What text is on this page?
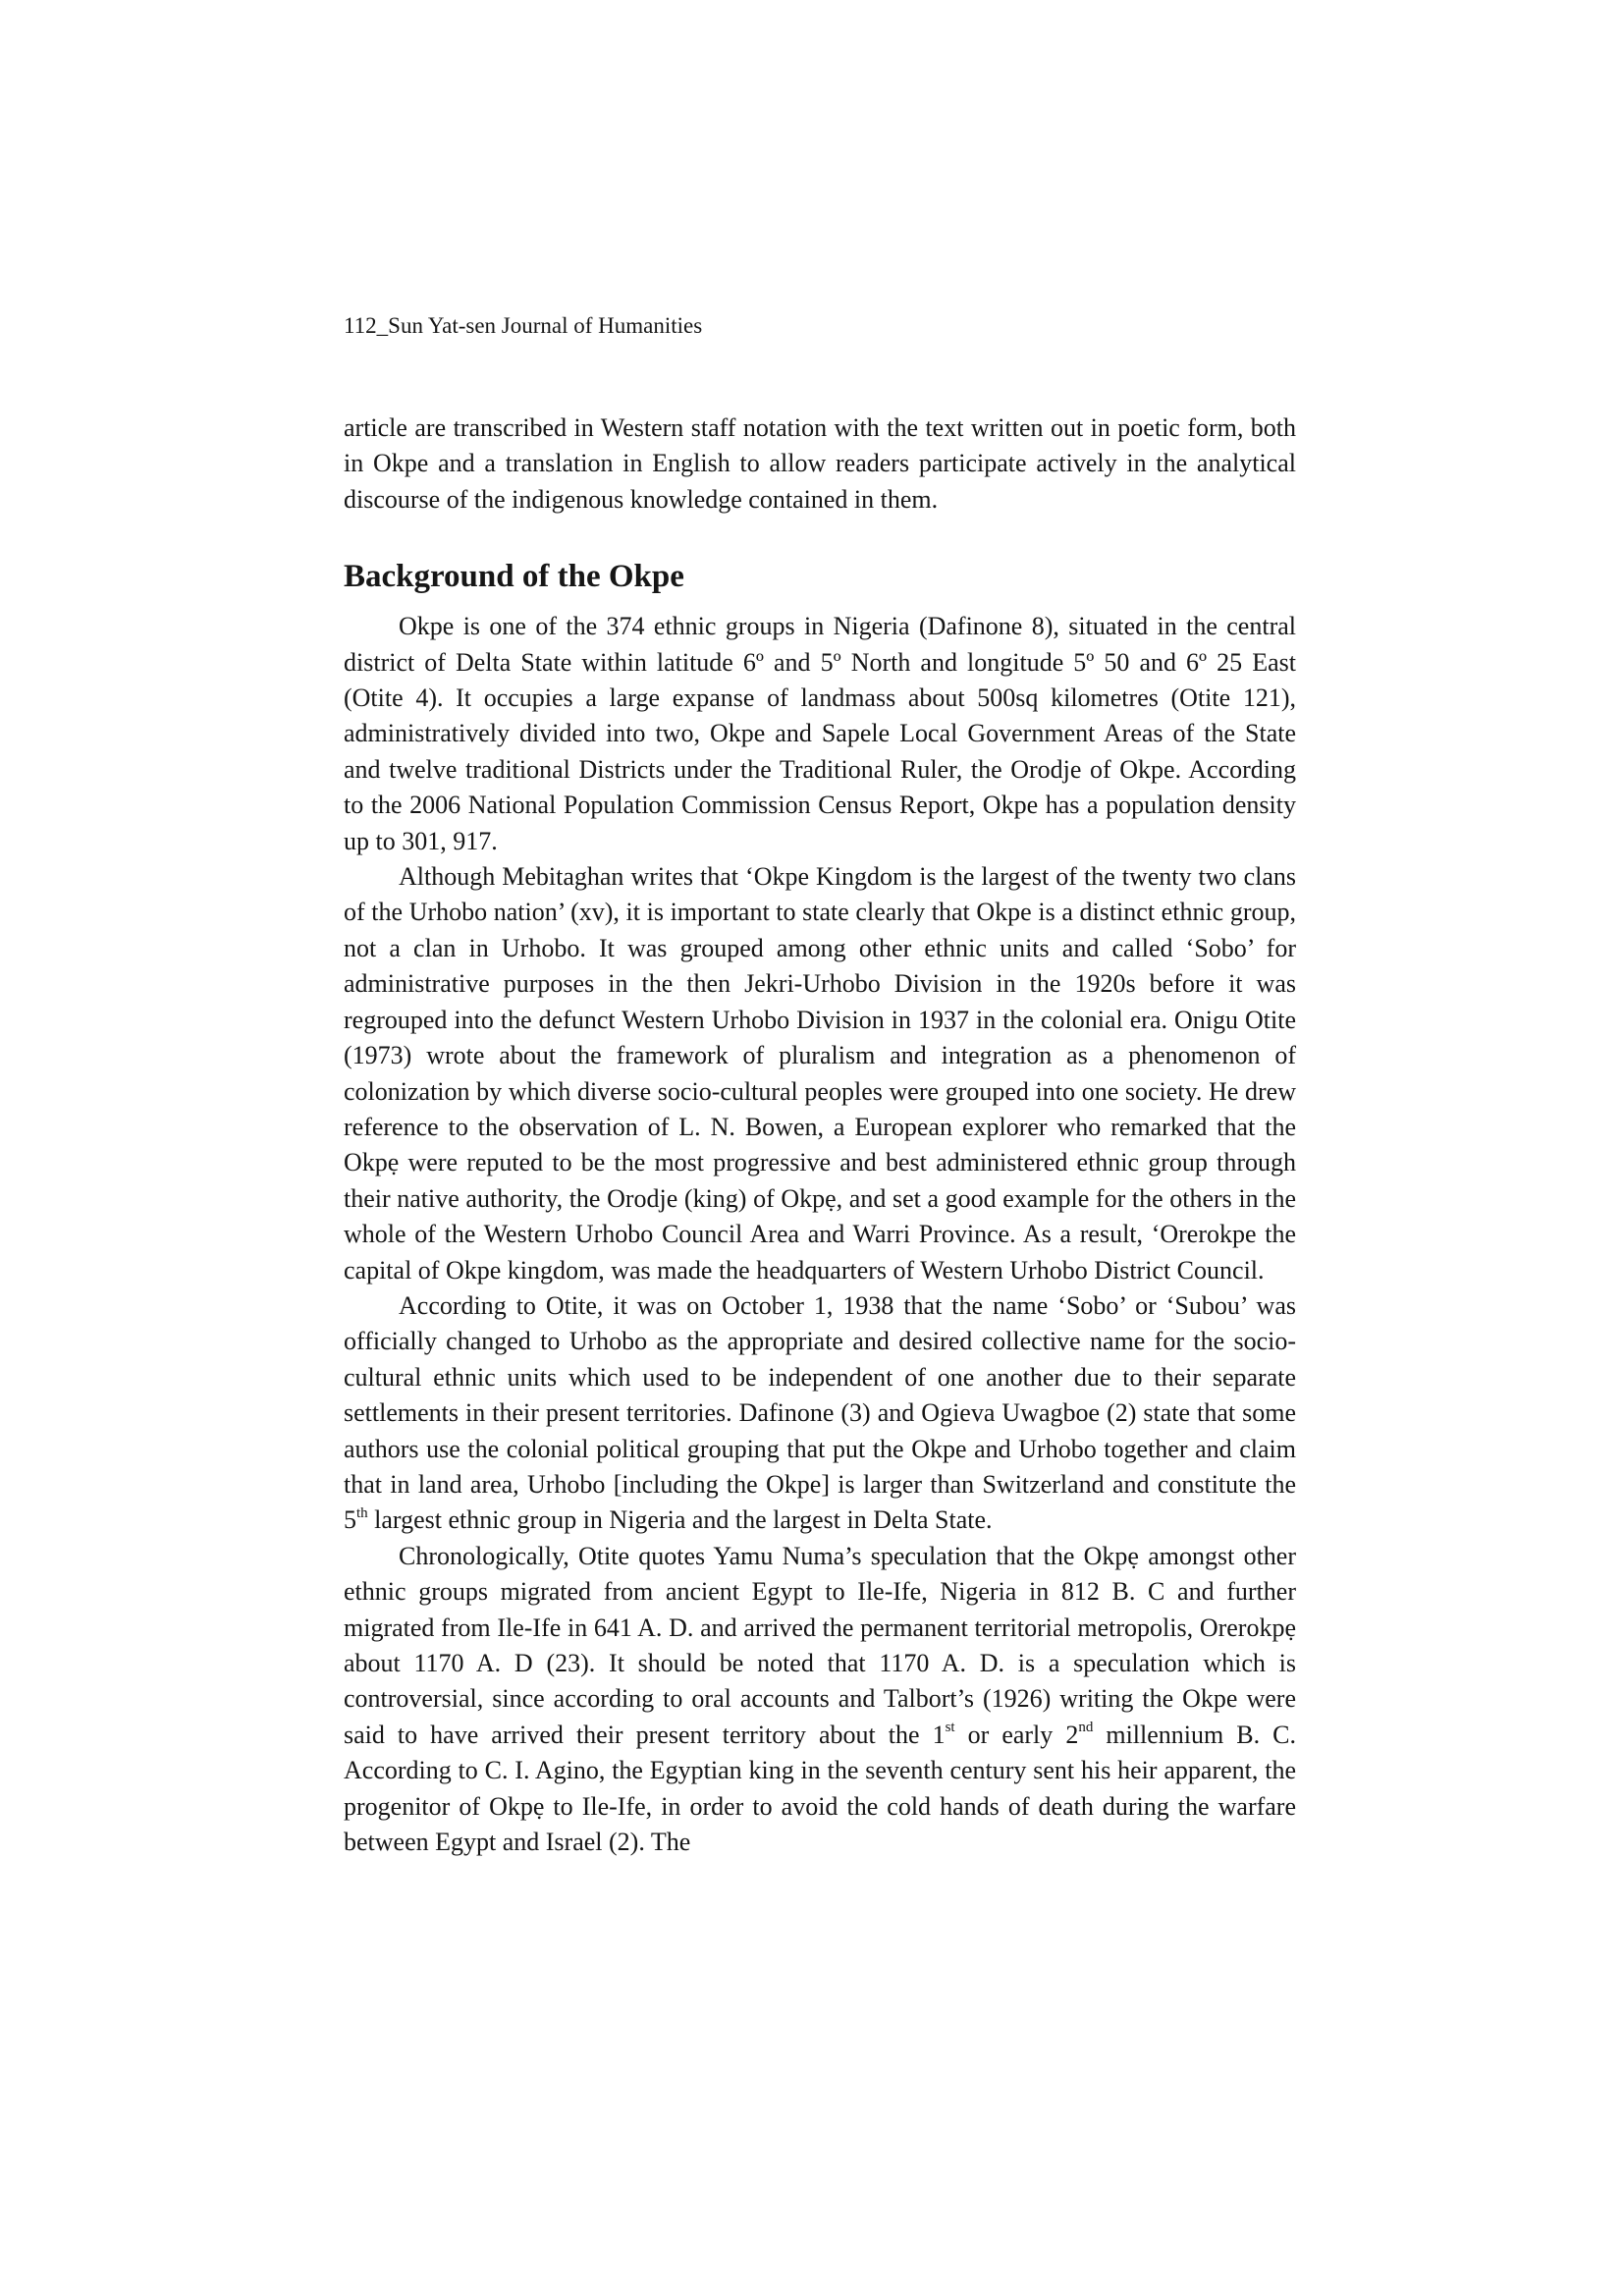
112_Sun Yat-sen Journal of Humanities

article are transcribed in Western staff notation with the text written out in poetic form, both in Okpe and a translation in English to allow readers participate actively in the analytical discourse of the indigenous knowledge contained in them.

Background of the Okpe

Okpe is one of the 374 ethnic groups in Nigeria (Dafinone 8), situated in the central district of Delta State within latitude 6º and 5º North and longitude 5º 50 and 6º 25 East (Otite 4). It occupies a large expanse of landmass about 500sq kilometres (Otite 121), administratively divided into two, Okpe and Sapele Local Government Areas of the State and twelve traditional Districts under the Traditional Ruler, the Orodje of Okpe. According to the 2006 National Population Commission Census Report, Okpe has a population density up to 301, 917.

Although Mebitaghan writes that ‘Okpe Kingdom is the largest of the twenty two clans of the Urhobo nation’ (xv), it is important to state clearly that Okpe is a distinct ethnic group, not a clan in Urhobo. It was grouped among other ethnic units and called ‘Sobo’ for administrative purposes in the then Jekri-Urhobo Division in the 1920s before it was regrouped into the defunct Western Urhobo Division in 1937 in the colonial era. Onigu Otite (1973) wrote about the framework of pluralism and integration as a phenomenon of colonization by which diverse socio-cultural peoples were grouped into one society. He drew reference to the observation of L. N. Bowen, a European explorer who remarked that the Okpẹ were reputed to be the most progressive and best administered ethnic group through their native authority, the Orodje (king) of Okpẹ, and set a good example for the others in the whole of the Western Urhobo Council Area and Warri Province. As a result, ‘Orerokpe the capital of Okpe kingdom, was made the headquarters of Western Urhobo District Council.

According to Otite, it was on October 1, 1938 that the name ‘Sobo’ or ‘Subou’ was officially changed to Urhobo as the appropriate and desired collective name for the socio-cultural ethnic units which used to be independent of one another due to their separate settlements in their present territories. Dafinone (3) and Ogieva Uwagboe (2) state that some authors use the colonial political grouping that put the Okpe and Urhobo together and claim that in land area, Urhobo [including the Okpe] is larger than Switzerland and constitute the 5th largest ethnic group in Nigeria and the largest in Delta State.

Chronologically, Otite quotes Yamu Numa’s speculation that the Okpẹ amongst other ethnic groups migrated from ancient Egypt to Ile-Ife, Nigeria in 812 B. C and further migrated from Ile-Ife in 641 A. D. and arrived the permanent territorial metropolis, Orerokpẹ about 1170 A. D (23). It should be noted that 1170 A. D. is a speculation which is controversial, since according to oral accounts and Talbort’s (1926) writing the Okpe were said to have arrived their present territory about the 1st or early 2nd millennium B. C. According to C. I. Agino, the Egyptian king in the seventh century sent his heir apparent, the progenitor of Okpẹ to Ile-Ife, in order to avoid the cold hands of death during the warfare between Egypt and Israel (2). The
